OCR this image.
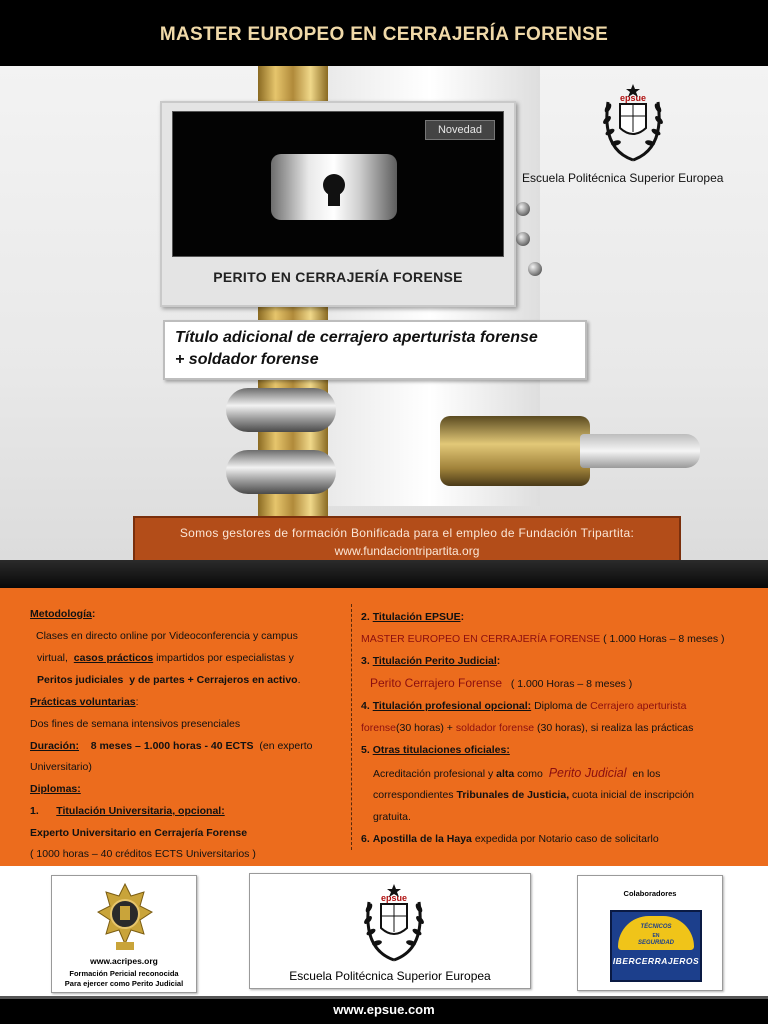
MASTER EUROPEO EN CERRAJERÍA FORENSE
Novedad
PERITO EN CERRAJERÍA FORENSE
epsue
Escuela Politécnica Superior Europea
Título adicional de cerrajero aperturista forense
+ soldador forense
Somos gestores de formación Bonificada para el empleo de Fundación Tripartita:
www.fundaciontripartita.org
Metodología:
Clases en directo online por Videoconferencia y campus
virtual, casos prácticos impartidos por especialistas y
Peritos judiciales y de partes + Cerrajeros en activo.
Prácticas voluntarias:
Dos fines de semana intensivos presenciales
Duración: 8 meses – 1.000 horas - 40 ECTS (en experto
Universitario)
Diplomas:
1. Titulación Universitaria, opcional:
Experto Universitario en Cerrajería Forense
( 1000 horas – 40 créditos ECTS Universitarios )
2. Titulación EPSUE:
MASTER EUROPEO EN CERRAJERÍA FORENSE ( 1.000 Horas – 8 meses )
3. Titulación Perito Judicial:
Perito Cerrajero Forense ( 1.000 Horas – 8 meses )
4. Titulación profesional opcional: Diploma de Cerrajero aperturista
forense(30 horas) + soldador forense (30 horas), si realiza las prácticas
5. Otras titulaciones oficiales:
Acreditación profesional y alta como Perito Judicial en los
correspondientes Tribunales de Justicia, cuota inicial de inscripción
gratuita.
6. Apostilla de la Haya expedida por Notario caso de solicitarlo
www.acripes.org
Formación Pericial reconocida
Para ejercer como Perito Judicial
epsue
Escuela Politécnica Superior Europea
Colaboradores
TÉCNICOS
EN
SEGURIDAD
IBERCERRAJEROS
www.epsue.com
